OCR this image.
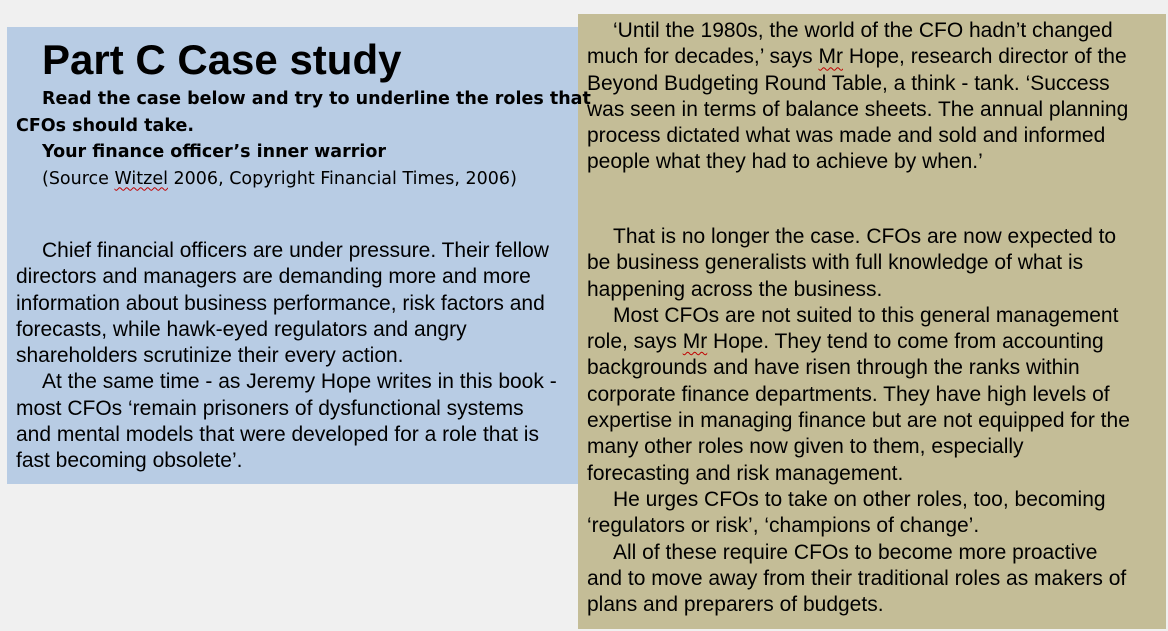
Part C Case study
Read the case below and try to underline the roles that
CFOs should take.
Your finance officer’s inner warrior
(Source Witzel 2006, Copyright Financial Times, 2006)
Chief financial officers are under pressure. Their fellow
directors and managers are demanding more and more
information about business performance, risk factors and
forecasts, while hawk-eyed regulators and angry
shareholders scrutinize their every action.
At the same time - as Jeremy Hope writes in this book -
most CFOs ‘remain prisoners of dysfunctional systems
and mental models that were developed for a role that is
fast becoming obsolete’.
‘Until the 1980s, the world of the CFO hadn’t changed
much for decades,’ says Mr Hope, research director of the
Beyond Budgeting Round Table, a think - tank. ‘Success
was seen in terms of balance sheets. The annual planning
process dictated what was made and sold and informed
people what they had to achieve by when.’
That is no longer the case. CFOs are now expected to
be business generalists with full knowledge of what is
happening across the business.
Most CFOs are not suited to this general management
role, says Mr Hope. They tend to come from accounting
backgrounds and have risen through the ranks within
corporate finance departments. They have high levels of
expertise in managing finance but are not equipped for the
many other roles now given to them, especially
forecasting and risk management.
He urges CFOs to take on other roles, too, becoming
‘regulators or risk’, ‘champions of change’.
All of these require CFOs to become more proactive
and to move away from their traditional roles as makers of
plans and preparers of budgets.
